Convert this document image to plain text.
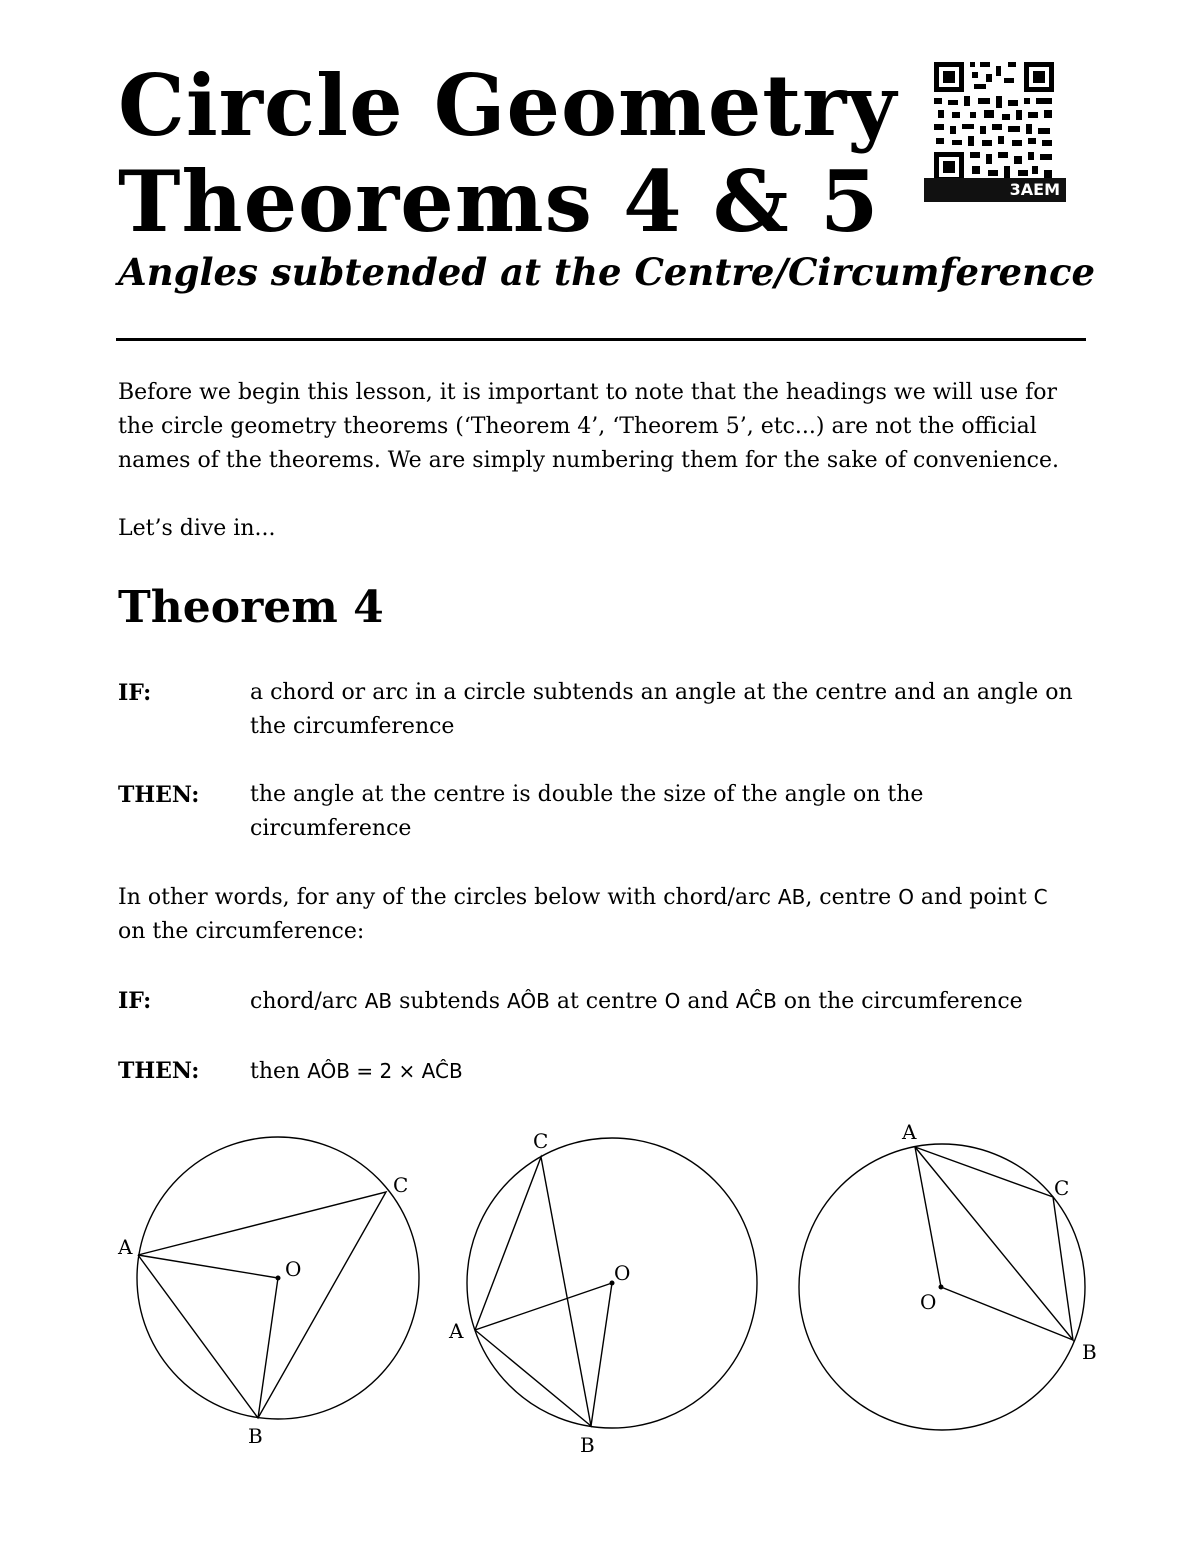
Circle Geometry
Theorems 4 & 5
Angles subtended at the Centre/Circumference
3AEM

Before we begin this lesson, it is important to note that the headings we will use for
the circle geometry theorems (‘Theorem 4’, ‘Theorem 5’, etc...) are not the official
names of the theorems. We are simply numbering them for the sake of convenience.

Let’s dive in...

Theorem 4
IF:	a chord or arc in a circle subtends an angle at the centre and an angle on
the circumference
THEN: the angle at the centre is double the size of the angle on the
circumference

In other words, for any of the circles below with chord/arc AB, centre O and point C
on the circumference:

IF:	chord/arc AB subtends AÔB at centre O and AĈB on the circumference
THEN: then AÔB = 2 × AĈB
A
B
C
O
A
B
C
O
A
B
C
O
